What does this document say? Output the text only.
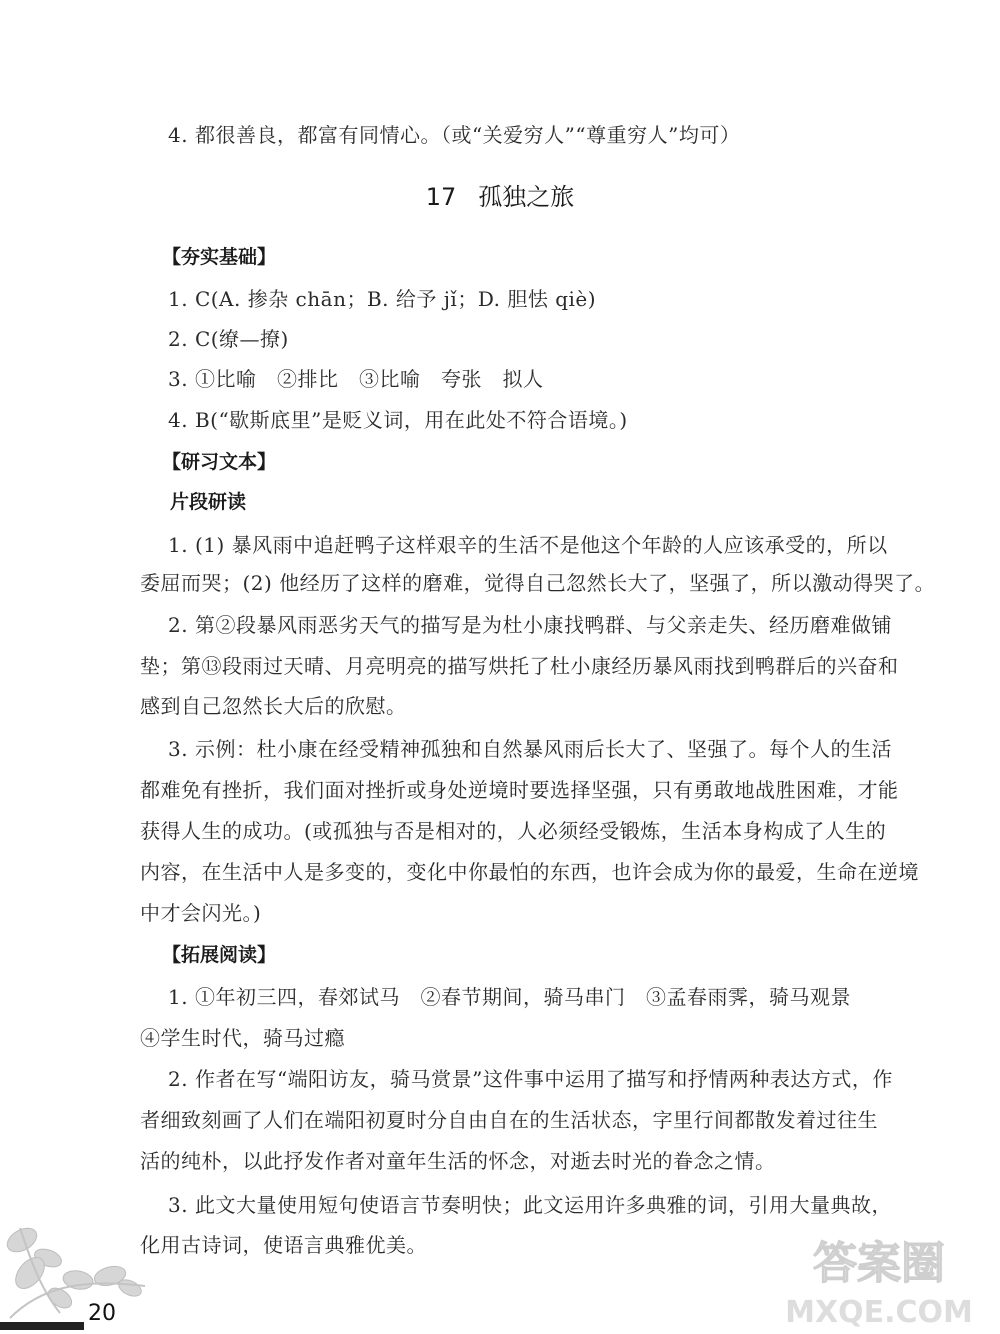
4. 都很善良，都富有同情心。（或“关爱穷人”“尊重穷人”均可）
17 孤独之旅
【夯实基础】
1. C(A. 掺杂 chān；B. 给予 jǐ；D. 胆怯 qiè)
2. C(缭—撩)
3. ①比喻　②排比　③比喻　夸张　拟人
4. B(“歇斯底里”是贬义词，用在此处不符合语境。)
【研习文本】
片段研读
1. (1) 暴风雨中追赶鸭子这样艰辛的生活不是他这个年龄的人应该承受的，所以
委屈而哭；(2) 他经历了这样的磨难，觉得自己忽然长大了，坚强了，所以激动得哭了。
2. 第②段暴风雨恶劣天气的描写是为杜小康找鸭群、与父亲走失、经历磨难做铺
垫；第⑬段雨过天晴、月亮明亮的描写烘托了杜小康经历暴风雨找到鸭群后的兴奋和
感到自己忽然长大后的欣慰。
3. 示例：杜小康在经受精神孤独和自然暴风雨后长大了、坚强了。每个人的生活
都难免有挫折，我们面对挫折或身处逆境时要选择坚强，只有勇敢地战胜困难，才能
获得人生的成功。(或孤独与否是相对的，人必须经受锻炼，生活本身构成了人生的
内容，在生活中人是多变的，变化中你最怕的东西，也许会成为你的最爱，生命在逆境
中才会闪光。)
【拓展阅读】
1. ①年初三四，春郊试马　②春节期间，骑马串门　③孟春雨霁，骑马观景
④学生时代，骑马过瘾
2. 作者在写“端阳访友，骑马赏景”这件事中运用了描写和抒情两种表达方式，作
者细致刻画了人们在端阳初夏时分自由自在的生活状态，字里行间都散发着过往生
活的纯朴，以此抒发作者对童年生活的怀念，对逝去时光的眷念之情。
3. 此文大量使用短句使语言节奏明快；此文运用许多典雅的词，引用大量典故，
化用古诗词，使语言典雅优美。
20
答案圈
MXQE.COM
